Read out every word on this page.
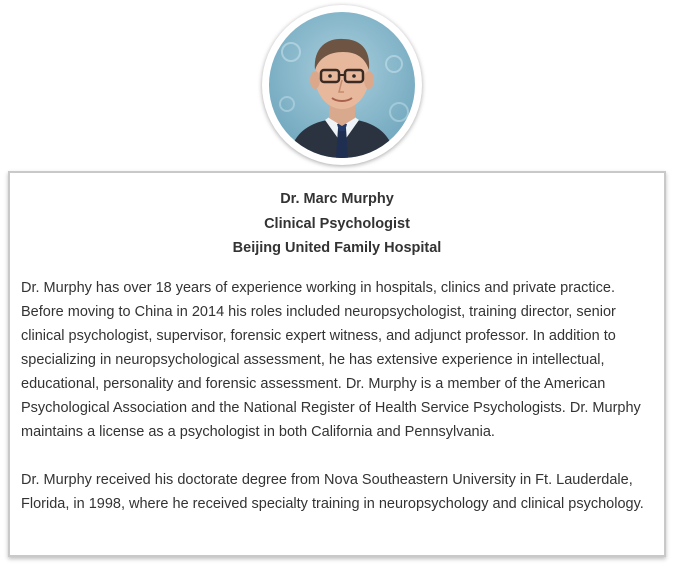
Dr. Marc Murphy
Clinical Psychologist
Beijing United Family Hospital

Dr. Murphy has over 18 years of experience working in hospitals, clinics and private practice. Before moving to China in 2014 his roles included neuropsychologist, training director, senior clinical psychologist, supervisor, forensic expert witness, and adjunct professor. In addition to specializing in neuropsychological assessment, he has extensive experience in intellectual, educational, personality and forensic assessment. Dr. Murphy is a member of the American Psychological Association and the National Register of Health Service Psychologists. Dr. Murphy maintains a license as a psychologist in both California and Pennsylvania.

Dr. Murphy received his doctorate degree from Nova Southeastern University in Ft. Lauderdale, Florida, in 1998, where he received specialty training in neuropsychology and clinical psychology.
